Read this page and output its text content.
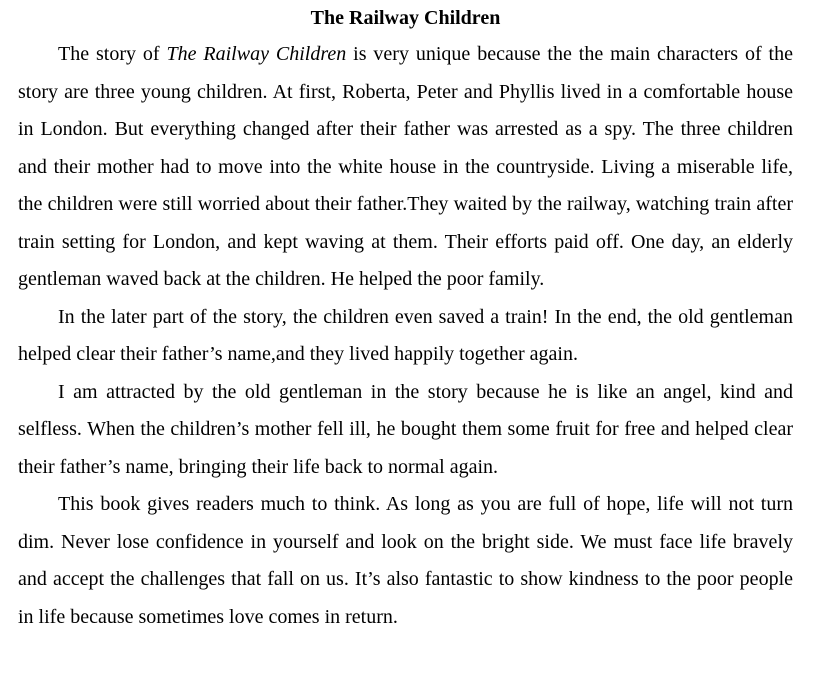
The Railway Children

The story of The Railway Children is very unique because the the main characters of the story are three young children. At first, Roberta, Peter and Phyllis lived in a comfortable house in London. But everything changed after their father was arrested as a spy. The three children and their mother had to move into the white house in the countryside. Living a miserable life, the children were still worried about their father.They waited by the railway, watching train after train setting for London, and kept waving at them. Their efforts paid off. One day, an elderly gentleman waved back at the children. He helped the poor family.

In the later part of the story, the children even saved a train! In the end, the old gentleman helped clear their father’s name,and they lived happily together again.

I am attracted by the old gentleman in the story because he is like an angel, kind and selfless. When the children’s mother fell ill, he bought them some fruit for free and helped clear their father’s name, bringing their life back to normal again.

This book gives readers much to think. As long as you are full of hope, life will not turn dim. Never lose confidence in yourself and look on the bright side. We must face life bravely and accept the challenges that fall on us. It’s also fantastic to show kindness to the poor people in life because sometimes love comes in return.
